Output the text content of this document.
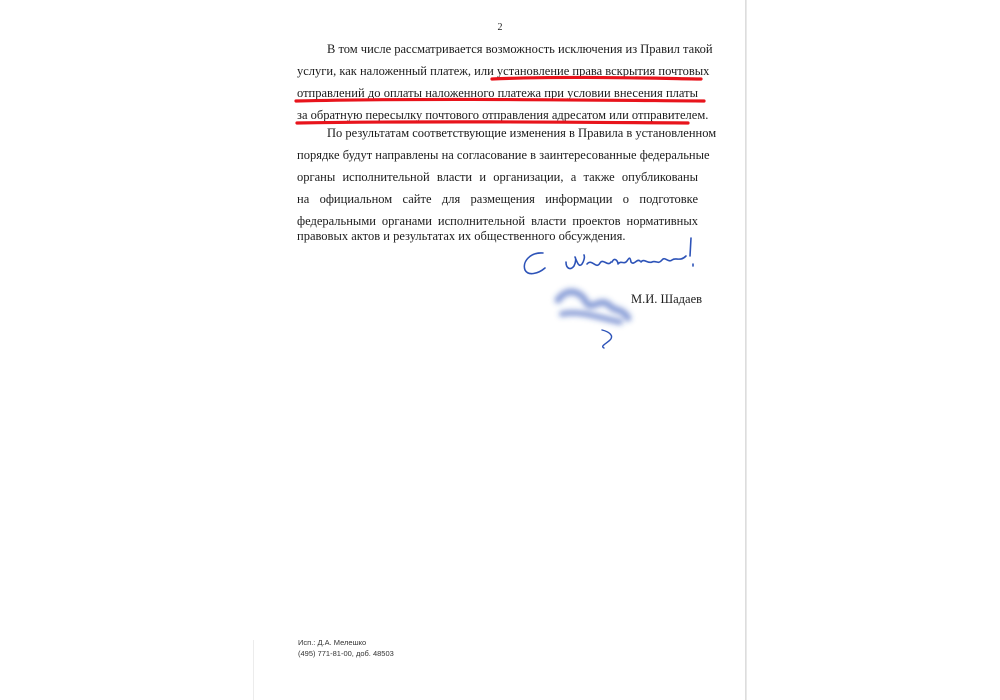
2
В том числе рассматривается возможность исключения из Правил такой
услуги, как наложенный платеж, или установление права вскрытия почтовых
отправлений до оплаты наложенного платежа при условии внесения платы
за обратную пересылку почтового отправления адресатом или отправителем.
По результатам соответствующие изменения в Правила в установленном
порядке будут направлены на согласование в заинтересованные федеральные
органы исполнительной власти и организации, а также опубликованы
на официальном сайте для размещения информации о подготовке
федеральными органами исполнительной власти проектов нормативных
правовых актов и результатах их общественного обсуждения.
М.И. Шадаев
Исп.: Д.А. Мелешко
(495) 771-81-00, доб. 48503
